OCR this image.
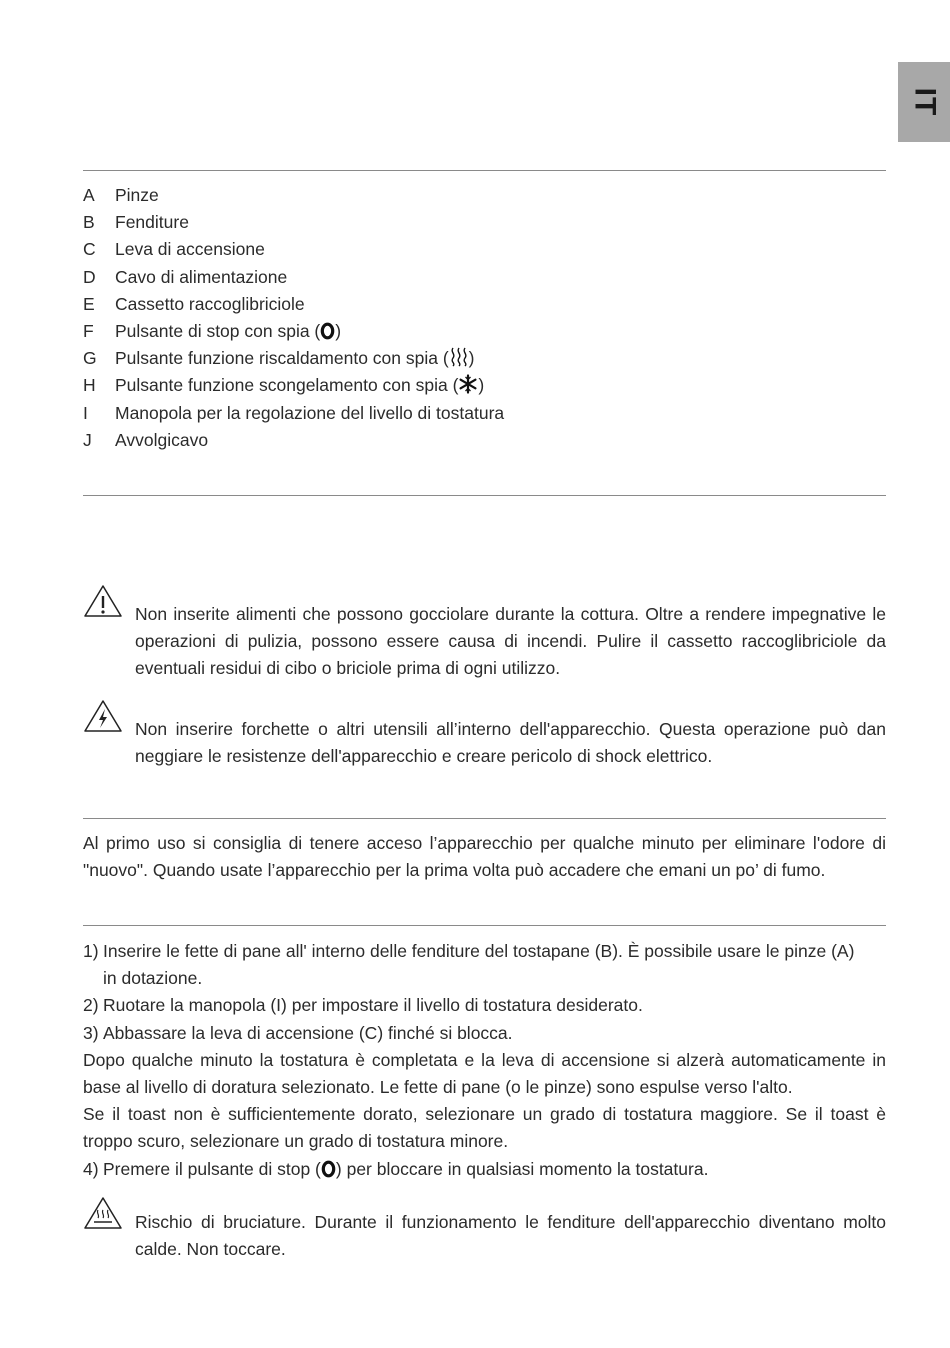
IT
A Pinze
B Fenditure
C Leva di accensione
D Cavo di alimentazione
E Cassetto raccoglibriciole
F Pulsante di stop con spia ( )
G Pulsante funzione riscaldamento con spia ( )
H Pulsante funzione scongelamento con spia ( )
I Manopola per la regolazione del livello di tostatura
J Avvolgicavo

Non inserite alimenti che possono gocciolare durante la cottura. Oltre a rendere impegnative le operazioni di pulizia, possono essere causa di incendi. Pulire il cassetto raccoglibriciole da eventuali residui di cibo o briciole prima di ogni utilizzo.

Non inserire forchette o altri utensili all’interno dell'apparecchio. Questa operazione può dan neggiare le resistenze dell'apparecchio e creare pericolo di shock elettrico.

Al primo uso si consiglia di tenere acceso l’apparecchio per qualche minuto per eliminare l'odore di "nuovo". Quando usate l’apparecchio per la prima volta può accadere che emani un po’ di fumo.

1) Inserire le fette di pane all' interno delle fenditure del tostapane (B). È possibile usare le pinze (A)
in dotazione.
2) Ruotare la manopola (I) per impostare il livello di tostatura desiderato.
3) Abbassare la leva di accensione (C) finché si blocca.
Dopo qualche minuto la tostatura è completata e la leva di accensione si alzerà automaticamente in base al livello di doratura selezionato. Le fette di pane (o le pinze) sono espulse verso l'alto.
Se il toast non è sufficientemente dorato, selezionare un grado di tostatura maggiore. Se il toast è troppo scuro, selezionare un grado di tostatura minore.
4) Premere il pulsante di stop ( ) per bloccare in qualsiasi momento la tostatura.

Rischio di bruciature. Durante il funzionamento le fenditure dell'apparecchio diventano molto calde. Non toccare.
